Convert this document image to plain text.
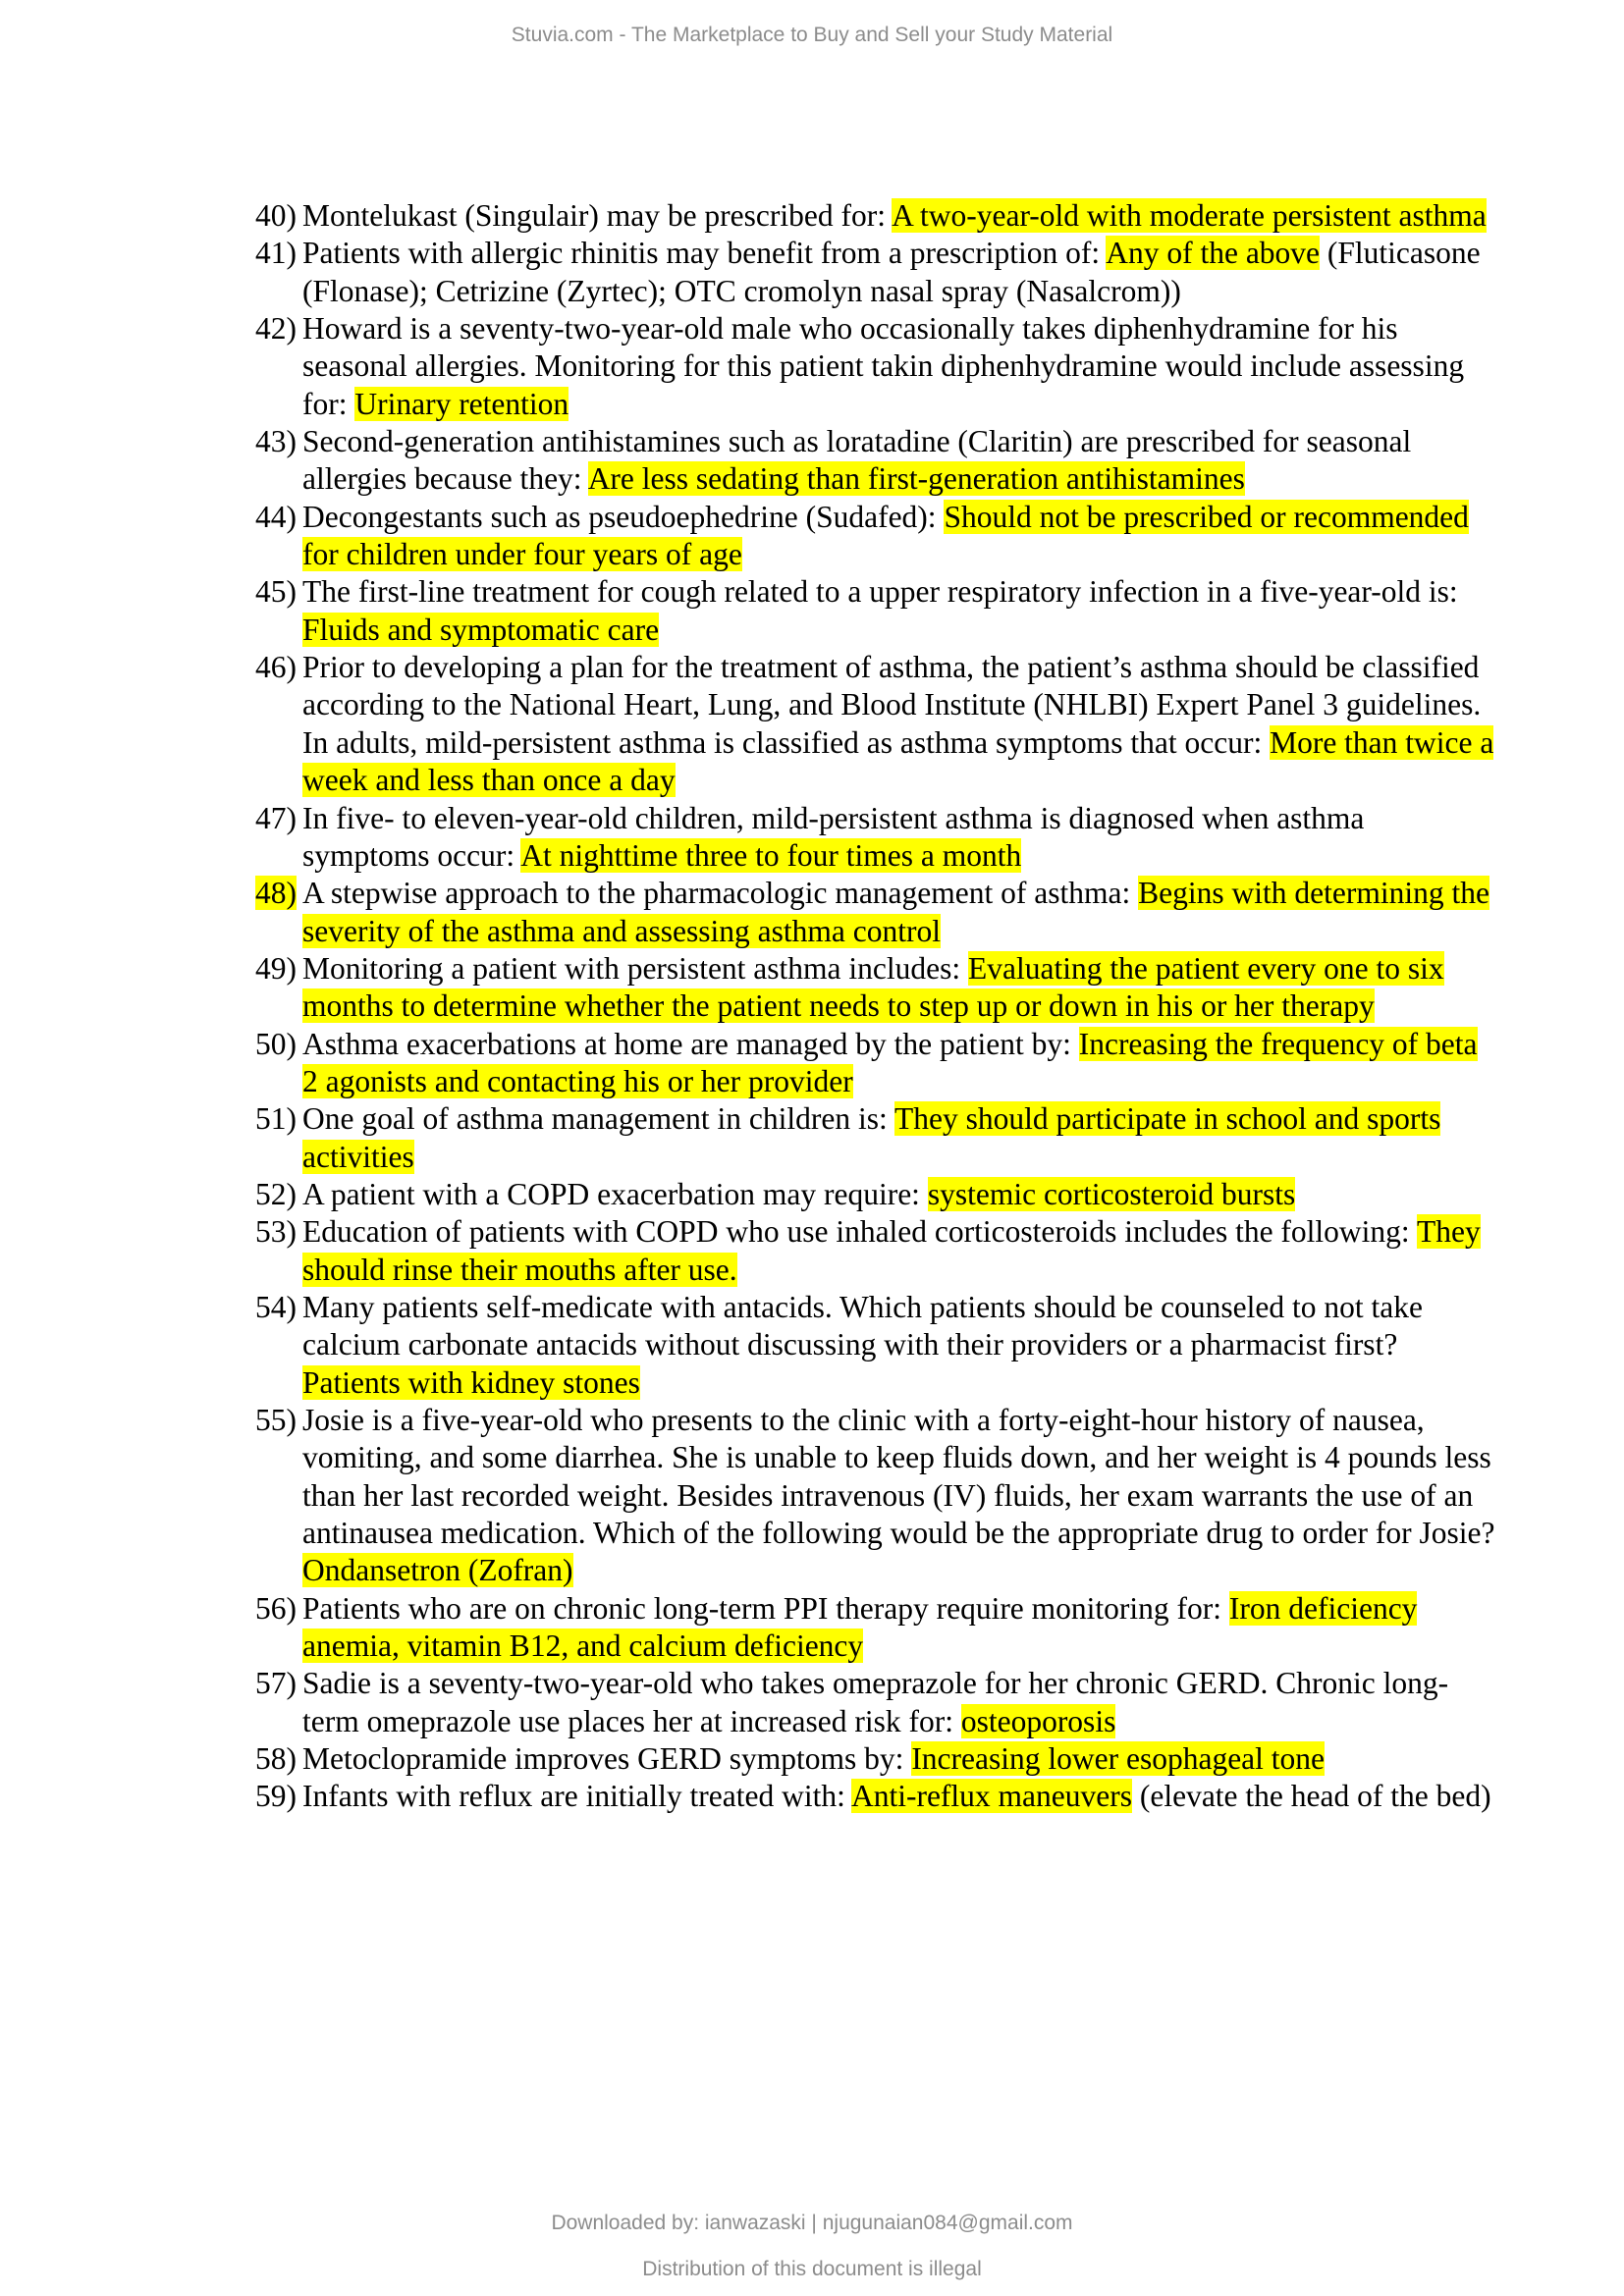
Stuvia.com - The Marketplace to Buy and Sell your Study Material
40) Montelukast (Singulair) may be prescribed for: A two-year-old with moderate persistent asthma
41) Patients with allergic rhinitis may benefit from a prescription of: Any of the above (Fluticasone (Flonase); Cetrizine (Zyrtec); OTC cromolyn nasal spray (Nasalcrom))
42) Howard is a seventy-two-year-old male who occasionally takes diphenhydramine for his seasonal allergies. Monitoring for this patient takin diphenhydramine would include assessing for: Urinary retention
43) Second-generation antihistamines such as loratadine (Claritin) are prescribed for seasonal allergies because they: Are less sedating than first-generation antihistamines
44) Decongestants such as pseudoephedrine (Sudafed): Should not be prescribed or recommended for children under four years of age
45) The first-line treatment for cough related to a upper respiratory infection in a five-year-old is: Fluids and symptomatic care
46) Prior to developing a plan for the treatment of asthma, the patient’s asthma should be classified according to the National Heart, Lung, and Blood Institute (NHLBI) Expert Panel 3 guidelines. In adults, mild-persistent asthma is classified as asthma symptoms that occur: More than twice a week and less than once a day
47) In five- to eleven-year-old children, mild-persistent asthma is diagnosed when asthma symptoms occur: At nighttime three to four times a month
48) A stepwise approach to the pharmacologic management of asthma: Begins with determining the severity of the asthma and assessing asthma control
49) Monitoring a patient with persistent asthma includes: Evaluating the patient every one to six months to determine whether the patient needs to step up or down in his or her therapy
50) Asthma exacerbations at home are managed by the patient by: Increasing the frequency of beta 2 agonists and contacting his or her provider
51) One goal of asthma management in children is: They should participate in school and sports activities
52) A patient with a COPD exacerbation may require: systemic corticosteroid bursts
53) Education of patients with COPD who use inhaled corticosteroids includes the following: They should rinse their mouths after use.
54) Many patients self-medicate with antacids. Which patients should be counseled to not take calcium carbonate antacids without discussing with their providers or a pharmacist first? Patients with kidney stones
55) Josie is a five-year-old who presents to the clinic with a forty-eight-hour history of nausea, vomiting, and some diarrhea. She is unable to keep fluids down, and her weight is 4 pounds less than her last recorded weight. Besides intravenous (IV) fluids, her exam warrants the use of an antinausea medication. Which of the following would be the appropriate drug to order for Josie? Ondansetron (Zofran)
56) Patients who are on chronic long-term PPI therapy require monitoring for: Iron deficiency anemia, vitamin B12, and calcium deficiency
57) Sadie is a seventy-two-year-old who takes omeprazole for her chronic GERD. Chronic long-term omeprazole use places her at increased risk for: osteoporosis
58) Metoclopramide improves GERD symptoms by: Increasing lower esophageal tone
59) Infants with reflux are initially treated with: Anti-reflux maneuvers (elevate the head of the bed)
Downloaded by: ianwazaski | njugunaian084@gmail.com
Distribution of this document is illegal
